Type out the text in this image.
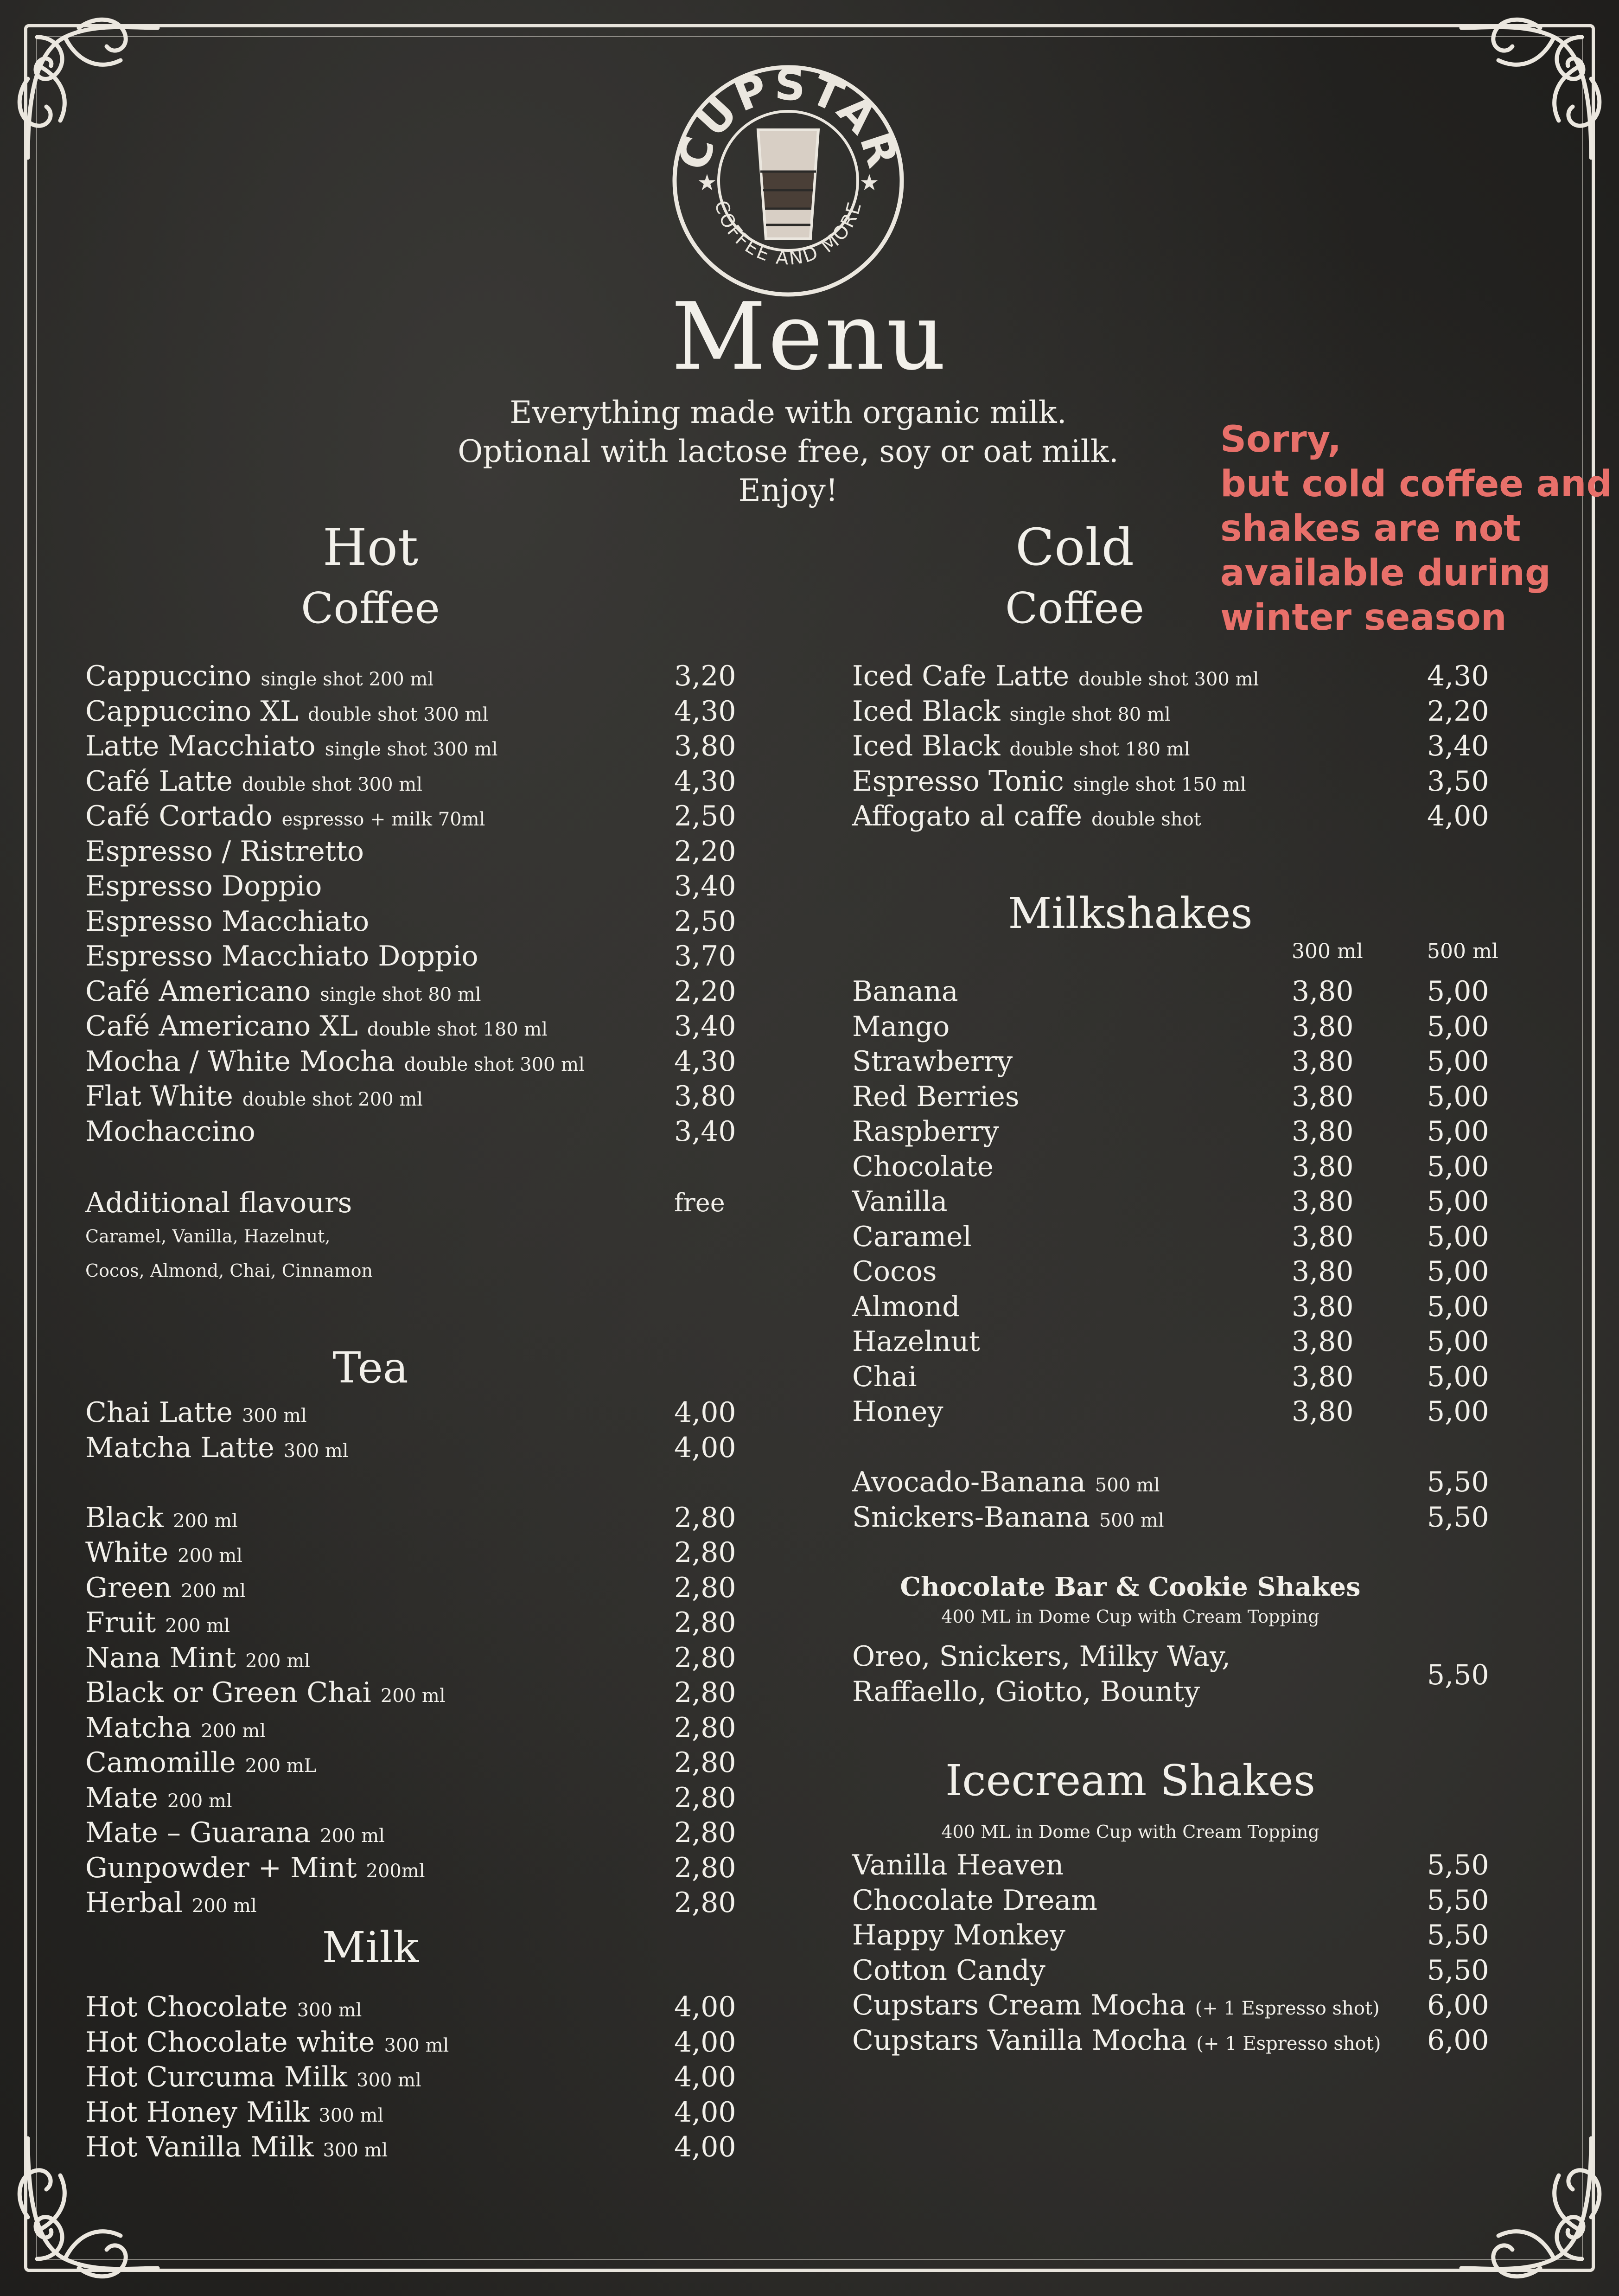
CUPSTAR
COFFEE AND MORE
★	★
Menu
Everything made with organic milk.
Optional with lactose free, soy or oat milk.
Enjoy!
Sorry,
but cold coffee and
shakes are not
available during
winter season
Hot
Coffee
Cappuccino single shot 200 ml	3,20
Cappuccino XL double shot 300 ml	4,30
Latte Macchiato single shot 300 ml	3,80
Café Latte double shot 300 ml	4,30
Café Cortado espresso + milk 70ml	2,50
Espresso / Ristretto	2,20
Espresso Doppio	3,40
Espresso Macchiato	2,50
Espresso Macchiato Doppio	3,70
Café Americano single shot 80 ml	2,20
Café Americano XL double shot 180 ml	3,40
Mocha / White Mocha double shot 300 ml	4,30
Flat White double shot 200 ml	3,80
Mochaccino	3,40
Additional flavours	free
Caramel, Vanilla, Hazelnut,
Cocos, Almond, Chai, Cinnamon
Tea
Chai Latte 300 ml	4,00
Matcha Latte 300 ml	4,00
Black 200 ml	2,80
White 200 ml	2,80
Green 200 ml	2,80
Fruit 200 ml	2,80
Nana Mint 200 ml	2,80
Black or Green Chai 200 ml	2,80
Matcha 200 ml	2,80
Camomille 200 mL	2,80
Mate 200 ml	2,80
Mate – Guarana 200 ml	2,80
Gunpowder + Mint 200ml	2,80
Herbal 200 ml	2,80
Milk
Hot Chocolate 300 ml	4,00
Hot Chocolate white 300 ml	4,00
Hot Curcuma Milk 300 ml	4,00
Hot Honey Milk 300 ml	4,00
Hot Vanilla Milk 300 ml	4,00
Cold
Coffee
Iced Cafe Latte double shot 300 ml	4,30
Iced Black single shot 80 ml	2,20
Iced Black double shot 180 ml	3,40
Espresso Tonic single shot 150 ml	3,50
Affogato al caffe double shot	4,00
Milkshakes
300 ml	500 ml
Banana	3,80	5,00
Mango	3,80	5,00
Strawberry	3,80	5,00
Red Berries	3,80	5,00
Raspberry	3,80	5,00
Chocolate	3,80	5,00
Vanilla	3,80	5,00
Caramel	3,80	5,00
Cocos	3,80	5,00
Almond	3,80	5,00
Hazelnut	3,80	5,00
Chai	3,80	5,00
Honey	3,80	5,00
Avocado-Banana 500 ml	5,50
Snickers-Banana 500 ml	5,50
Chocolate Bar & Cookie Shakes
400 ML in Dome Cup with Cream Topping
Oreo, Snickers, Milky Way,
Raffaello, Giotto, Bounty
5,50
Icecream Shakes
400 ML in Dome Cup with Cream Topping
Vanilla Heaven	5,50
Chocolate Dream	5,50
Happy Monkey	5,50
Cotton Candy	5,50
Cupstars Cream Mocha (+ 1 Espresso shot) 6,00
Cupstars Vanilla Mocha (+ 1 Espresso shot) 6,00
